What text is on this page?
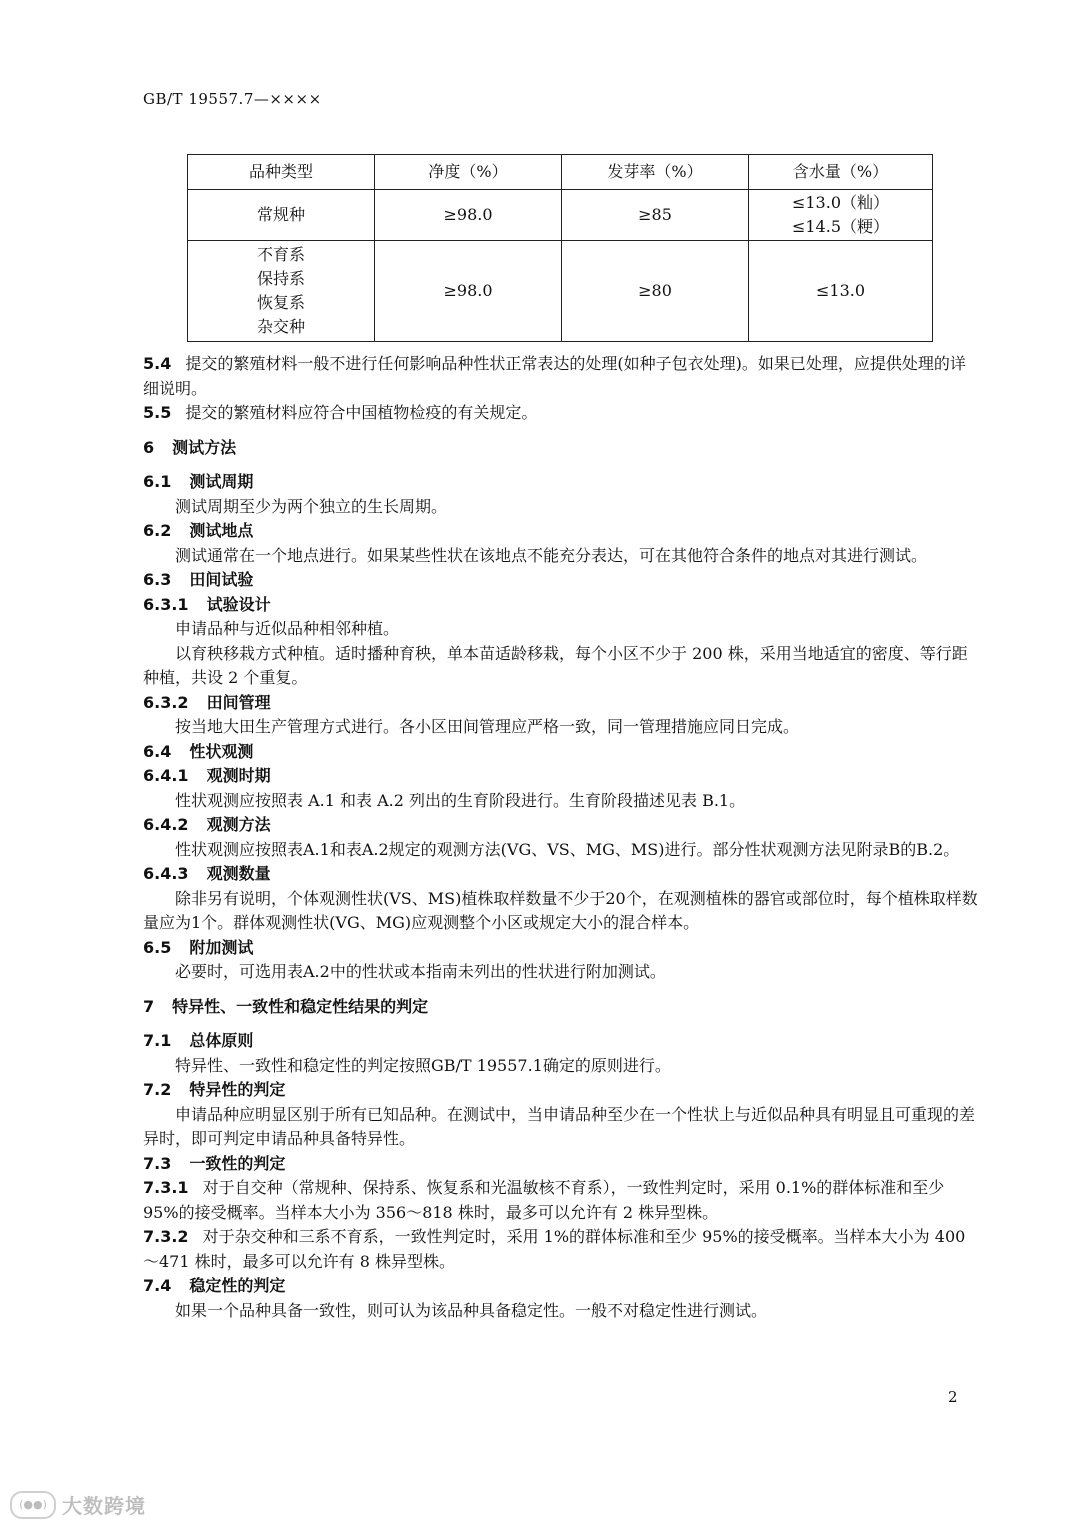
GB/T 19557.7—××××
品种类型	净度（%）	发芽率（%）	含水量（%）

常规种	≥98.0	≥85	≤13.0（籼）
≤14.5（粳）

不育系
保持系
恢复系
杂交种	≥98.0	≥80	≤13.0

5.4 提交的繁殖材料一般不进行任何影响品种性状正常表达的处理(如种子包衣处理)。如果已处理，应提供处理的详细说明。

5.5 提交的繁殖材料应符合中国植物检疫的有关规定。

6 测试方法

6.1 测试周期

测试周期至少为两个独立的生长周期。

6.2 测试地点

测试通常在一个地点进行。如果某些性状在该地点不能充分表达，可在其他符合条件的地点对其进行测试。

6.3 田间试验

6.3.1 试验设计

申请品种与近似品种相邻种植。

以育秧移栽方式种植。适时播种育秧，单本苗适龄移栽，每个小区不少于 200 株，采用当地适宜的密度、等行距种植，共设 2 个重复。

6.3.2 田间管理

按当地大田生产管理方式进行。各小区田间管理应严格一致，同一管理措施应同日完成。

6.4 性状观测

6.4.1 观测时期

性状观测应按照表 A.1 和表 A.2 列出的生育阶段进行。生育阶段描述见表 B.1。

6.4.2 观测方法

性状观测应按照表A.1和表A.2规定的观测方法(VG、VS、MG、MS)进行。部分性状观测方法见附录B的B.2。

6.4.3 观测数量

除非另有说明，个体观测性状(VS、MS)植株取样数量不少于20个，在观测植株的器官或部位时，每个植株取样数量应为1个。群体观测性状(VG、MG)应观测整个小区或规定大小的混合样本。

6.5 附加测试

必要时，可选用表A.2中的性状或本指南未列出的性状进行附加测试。

7 特异性、一致性和稳定性结果的判定

7.1 总体原则

特异性、一致性和稳定性的判定按照GB/T 19557.1确定的原则进行。

7.2 特异性的判定

申请品种应明显区别于所有已知品种。在测试中，当申请品种至少在一个性状上与近似品种具有明显且可重现的差异时，即可判定申请品种具备特异性。

7.3 一致性的判定

7.3.1 对于自交种（常规种、保持系、恢复系和光温敏核不育系），一致性判定时，采用 0.1%的群体标准和至少 95%的接受概率。当样本大小为 356～818 株时，最多可以允许有 2 株异型株。

7.3.2 对于杂交种和三系不育系，一致性判定时，采用 1%的群体标准和至少 95%的接受概率。当样本大小为 400～471 株时，最多可以允许有 8 株异型株。

7.4 稳定性的判定

如果一个品种具备一致性，则可认为该品种具备稳定性。一般不对稳定性进行测试。

2
(●●) 大数跨境
